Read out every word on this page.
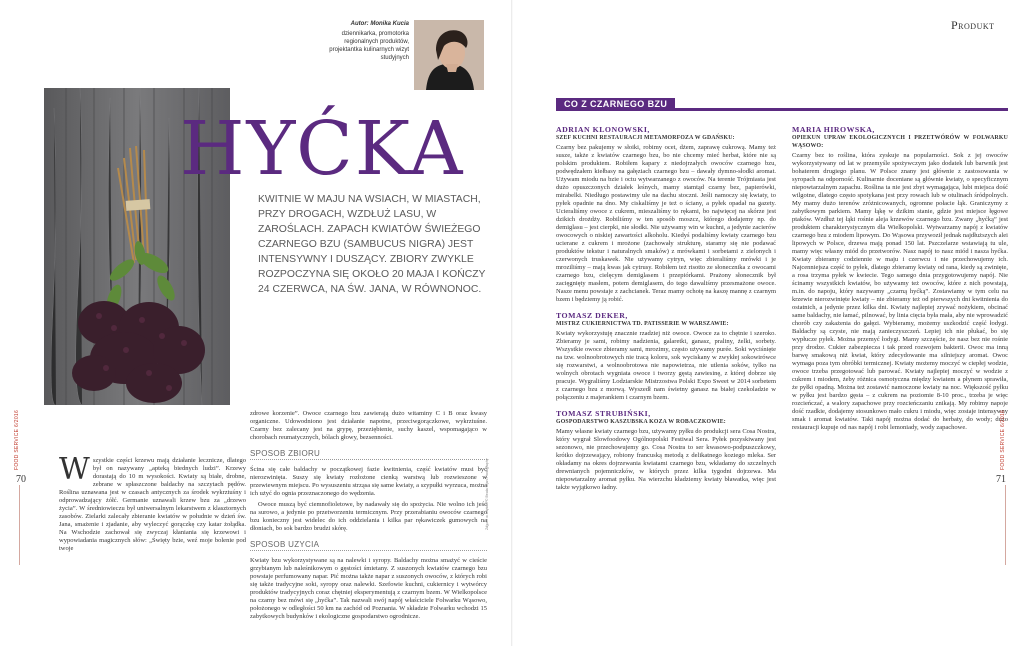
Autor: Monika Kucia
dziennikarka, promotorka regionalnych produktów, projektantka kulinarnych wizyt studyjnych
HYĆKA
KWITNIE W MAJU NA WSIACH, W MIASTACH, PRZY DROGACH, WZDŁUŻ LASU, W ZAROŚLACH. ZAPACH KWIATÓW ŚWIEŻEGO CZARNEGO BZU (SAMBUCUS NIGRA) JEST INTENSYWNY I DUSZĄCY. ZBIORY ZWYKLE ROZPOCZYNA SIĘ OKOŁO 20 MAJA I KOŃCZY 24 CZERWCA, NA ŚW. JANA, W RÓWNONOC.
70
FOOD SERVICE 6/2016
Zdjęcie w artykule © Beata Uljan Photography
W szystkie części krzewu mają działanie lecznicze, dlatego był on nazywany „apteką biednych ludzi”. Krzewy dorastają do 10 m wysokości. Kwiaty są białe, drobne, zebrane w spłaszczone baldachy na szczytach pędów. Roślina uznawana jest w czasach antycznych za środek wykrztuśny i odprowadzający żółć. Germanie uznawali krzew bzu za „drzewo życia”. W średniowieczu był uniwersalnym lekarstwem z klasztornych zasobów. Zielarki zalecały zbieranie kwiatów w południe w dzień św. Jana, smażenie i zjadanie, aby wyleczyć gorączkę czy katar żołądka. Na Wschodzie zachował się zwyczaj kłaniania się krzewowi i wypowiadania magicznych słów: „Święty bzie, weź moje bolenie pod twoje

zdrowe korzenie”. Owoce czarnego bzu zawierają dużo witaminy C i B oraz kwasy organiczne. Udowodniono jest działanie napotne, przeciwgorączkowe, wykrztuśne. Czarny bez zalecany jest na grypę, przeziębienie, suchy kaszel, wspomagająco w chorobach reumatycznych, bólach głowy, bezsenności.

SPOSÓB ZBIORU

Ścina się całe baldachy w początkowej fazie kwitnienia, część kwiatów musi być nierozwinięta. Suszy się kwiaty rozłożone cienką warstwą lub rozwieszone w przewiewnym miejscu. Po wysuszeniu strząsa się same kwiaty, a szypułki wyrzuca, można ich użyć do ognia przeznaczonego do wędzenia.

Owoce muszą być ciemnofioletowe, by nadawały się do spożycia. Nie wolno ich jeść na surowo, a jedynie po przetworzeniu termicznym. Przy przerabianiu owoców czarnego bzu konieczny jest widelec do ich oddzielania i kilka par rękawiczek gumowych na dłoniach, bo sok bardzo brudzi skórę.

SPOSÓB UŻYCIA

Kwiaty bzu wykorzystywane są na nalewki i syropy. Baldachy można smażyć w cieście grzybianym lub naleśnikowym o gęstości śmietany. Z suszonych kwiatów czarnego bzu powstaje perfumowany napar. Pić można także napar z suszonych owoców, z których robi się także tradycyjne soki, syropy oraz nalewki. Szefowie kuchni, cukiernicy i wytwórcy produktów tradycyjnych coraz chętniej eksperymentują z czarnym bzem. W Wielkopolsce na czarny bez mówi się „hyćka”. Tak nazwali swój napój właściciele Folwarku Wąsowo, położonego w odległości 50 km na zachód od Poznania. W składzie Folwarku wchodzi 15 zabytkowych budynków i ekologiczne gospodarstwo ogrodnicze.

Produkt
CO Z CZARNEGO BZU
ADRIAN KLONOWSKI,
SZEF KUCHNI RESTAURACJI METAMORFOZA W GDAŃSKU:

Czarny bez pakujemy w słoiki, robimy ocet, dżem, zaprawę cukrową. Mamy też susze, także z kwiatów czarnego bzu, bo nie chcemy mieć herbat, które nie są polskim produktem. Robiłem kapary z niedojrzałych owoców czarnego bzu, podwędzałem kiełbasy na gałęziach czarnego bzu – dawały dymno-słodki aromat. Używam miodu na bzie i octu wytwarzanego z owoców. Na terenie Trójmiasta jest dużo opuszczonych działek leśnych, mamy stamtąd czarny bez, papierówki, mirabelki. Niedługo postawimy ule na dachu stoczni. Jeśli namoczy się kwiaty, to pyłek opadnie na dno. My ciskaliśmy je też o ściany, a pyłek opadał na gazety. Ucieraliśmy owoce z cukrem, mieszaliśmy to rękami, bo najwięcej na skórze jest dzikich drożdży. Robiliśmy w ten sposób moszcz, którego dodajemy np. do demiglasu – jest cierpki, nie słodki. Nie używamy win w kuchni, a jedynie zacierów owocowych o niskiej zawartości alkoholu. Kiedyś podaliśmy kwiaty czarnego bzu ucierane z cukrem i mrożone (zachowały strukturę, staramy się nie podawać produktów tekstur i naturalnych smaków) z mrówkami i sorbetami z zielonych i czerwonych truskawek. Nie używamy cytryn, więc zbieraliśmy mrówki i je mroziliśmy – mają kwas jak cytrusy. Robiłem też risotto ze słonecznika z owocami czarnego bzu, cielęcym demiglasem i przepiórkami. Prażony słonecznik był zacięgnięty masłem, potem demiglasem, do tego dawaliśmy przesmażone owoce. Nasze menu powstaje z zachcianek. Teraz mamy ochotę na kaszę mannę z czarnym bzem i będziemy ją robić.

TOMASZ DEKER,
MISTRZ CUKIERNICTWA TD. PATISSERIE W WARSZAWIE:

Kwiaty wykorzystuję znacznie rzadziej niż owoce. Owoce za to chętnie i szeroko. Zbieramy je sami, robimy nadzienia, galaretki, ganasz, praliny, żelki, sorbety. Wszystkie owoce zbieramy sami, mrozimy, często używamy purée. Soki wyciśnięte na tzw. wolnoobrotowych nie tracą koloru, sok wyciskany w zwykłej sokowirówce się rozwarstwi, a wolnoobrotowa nie napowietrza, nie utlenia soków, tylko na wolnych obrotach wygniata owoce i tworzy gęstą zawiesinę, z której dobrze się pracuje. Wygraliśmy Lodziarskie Mistrzostwa Polski Expo Sweet w 2014 sorbetem z czarnego bzu z morwą. Wyszedł nam świetny ganasz na białej czekoladzie w połączeniu z majerankiem i czarnym bzem.

TOMASZ STRUBIŃSKI,
GOSPODARSTWO KASZUBSKA KOZA W ROBACZKOWIE:

Mamy własne kwiaty czarnego bzu, używamy pyłku do produkcji sera Cosa Nostra, który wygrał Slowfoodowy Ogólnopolski Festiwal Sera. Pyłek pozyskiwany jest sezonowo, nie przechowujemy go. Cosa Nostra to ser kwasowo-podpuszczkowy, krótko dojrzewający, robiony francuską metodą z delikatnego koziego mleka. Ser okładamy na okres dojrzewania kwiatami czarnego bzu, wkładamy do szczelnych drewnianych pojemniczków, w których przez kilka tygodni dojrzewa. Ma niepowtarzalny aromat pyłku. Na wierzchu kładziemy kwiaty bławatka, więc jest także wyjątkowo ładny.

MARIA HIROWSKA,
OPIEKUN UPRAW EKOLOGICZNYCH I PRZETWÓRÓW W FOLWARKU WĄSOWO:

Czarny bez to roślina, która zyskuje na popularności. Sok z jej owoców wykorzystywany od lat w przemyśle spożywczym jako dodatek lub barwnik jest bohaterem drugiego planu. W Polsce znany jest głównie z zastosowania w syropach na odporność. Kulinarnie doceniane są głównie kwiaty, o specyficznym niepowtarzalnym zapachu. Roślina ta nie jest zbyt wymagająca, lubi miejsca dość wilgotne, dlatego często spotykana jest przy rowach lub w otulinach śródpolnych. My mamy dużo terenów zróżnicowanych, ogromne połacie łąk. Graniczymy z zabytkowym parkiem. Mamy łąkę w dzikim stanie, gdzie jest miejsce łęgowe ptaków. Wzdłuż tej łąki rośnie aleja krzewów czarnego bzu. Zwany „hyćką” jest produktem charakterystycznym dla Wielkopolski. Wytwarzamy napój z kwiatów czarnego bzu z miodem lipowym. Do Wąsowa przywoził jednak najdłuższych alei lipowych w Polsce, drzewa mają ponad 150 lat. Pszczelarze wstawiają tu ule, mamy więc własny miód do przetworów. Nasz napój to nasz miód i nasza hyćka. Kwiaty zbieramy codziennie w maju i czerwcu i nie przechowujemy ich. Najcenniejsza część to pyłek, dlatego zbieramy kwiaty od rana, kiedy są zwinięte, a rosa trzyma pyłek w kwiecie. Tego samego dnia przygotowujemy napój. Nie ścinamy wszystkich kwiatów, bo używamy też owoców, które z nich powstają, m.in. do napoju, który nazywamy „czarną hyćką”. Zostawiamy w tym celu na krzewie nierozwinięte kwiaty – nie zbieramy też od pierwszych dni kwitnienia do ostatnich, a jedynie przez kilka dni. Kwiaty najlepiej zrywać nożykiem, obcinać same baldachy, nie łamać, pilnować, by linia cięcia była mała, aby nie wprowadzić chorób czy zakażenia do gałęzi. Wybieramy, możemy uszkodzić część łodygi. Baldachy są czyste, nie mają zanieczyszczeń. Lepiej ich nie płukać, bo się wypłucze pyłek. Można przemyć łodygi. Mamy szczęście, że nasz bez nie rośnie przy drodze. Cukier zabezpiecza i tak przed rozwojem bakterii. Owoc ma inną barwę smakową niż kwiat, który zdecydowanie ma silniejszy aromat. Owoc wymaga poza tym obróbki termicznej. Kwiaty możemy moczyć w ciepłej wodzie, owoce trzeba przegotować lub parować. Kwiaty najlepiej moczyć w wodzie z cukrem i miodem, żeby różnica osmotyczna między kwiatem a płynem sprawiła, że pyłki opadną. Można też zostawić namoczone kwiaty na noc. Większość pyłku w pyłku jest bardzo gęsta – z cukrem na poziomie 8-10 proc., trzeba je więc rozcieńczać, a walory zapachowe przy rozcieńczaniu znikają. My robimy napoje dość rzadkie, dodajemy stosunkowo mało cukru i miodu, więc zostaje intensywny smak i aromat kwiatów. Taki napój można dodać do herbaty, do wody; dużo restauracji kupuje od nas napój i robi lemoniady, wody zapachowe.

71
FOOD SERVICE 6/2016
